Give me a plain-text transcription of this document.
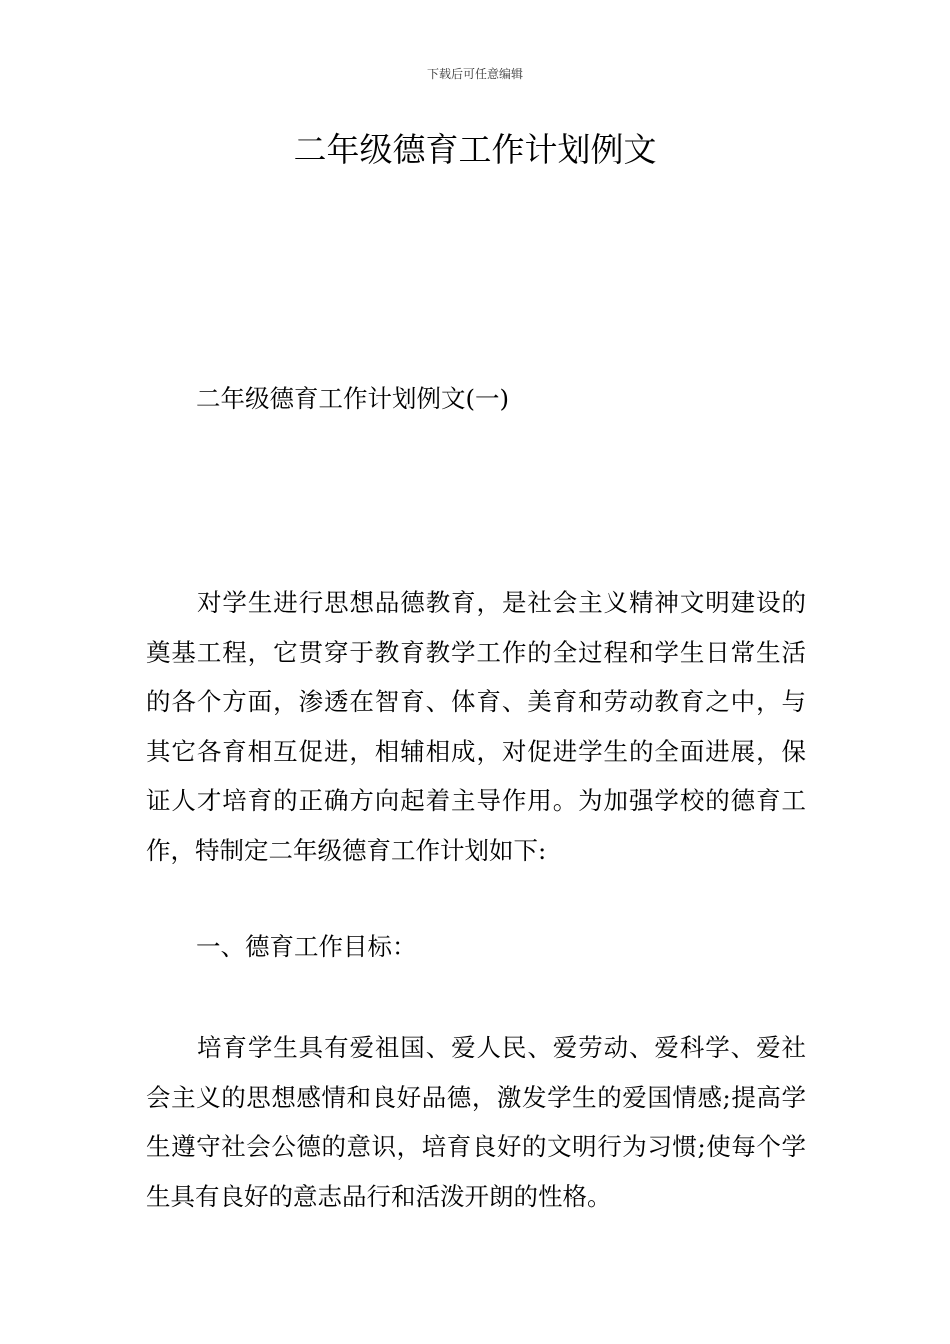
下载后可任意编辑
二年级德育工作计划例文

二年级德育工作计划例文(一)

对学生进行思想品德教育，是社会主义精神文明建设的奠基工程，它贯穿于教育教学工作的全过程和学生日常生活的各个方面，渗透在智育、体育、美育和劳动教育之中，与其它各育相互促进，相辅相成，对促进学生的全面进展，保证人才培育的正确方向起着主导作用。为加强学校的德育工作，特制定二年级德育工作计划如下:

一、德育工作目标：

培育学生具有爱祖国、爱人民、爱劳动、爱科学、爱社会主义的思想感情和良好品德，激发学生的爱国情感;提高学生遵守社会公德的意识，培育良好的文明行为习惯;使每个学生具有良好的意志品行和活泼开朗的性格。
